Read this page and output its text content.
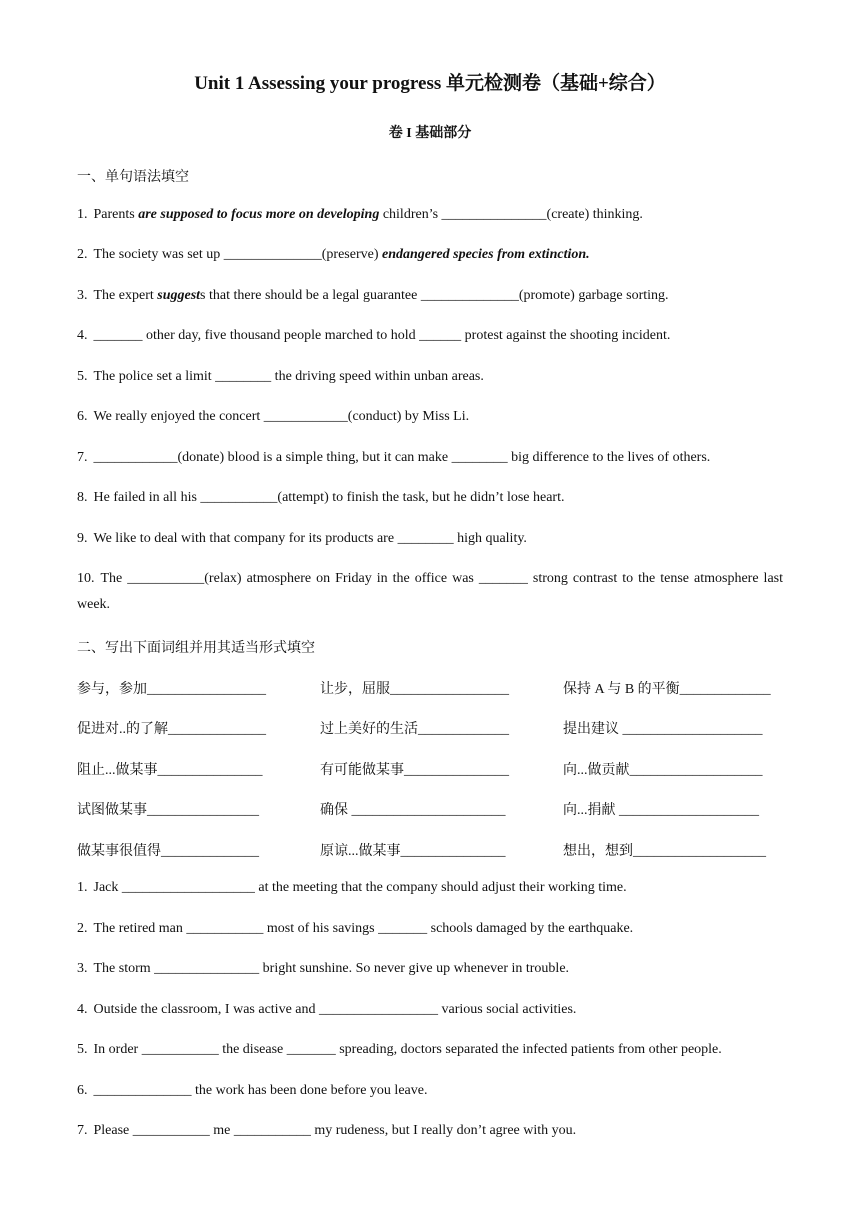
Unit 1 Assessing your progress 单元检测卷（基础+综合）
卷 I 基础部分
一、单句语法填空
1. Parents are supposed to focus more on developing children’s _______________(create) thinking.
2. The society was set up ______________(preserve) endangered species from extinction.
3. The expert suggests that there should be a legal guarantee ______________(promote) garbage sorting.
4. _______ other day, five thousand people marched to hold ______ protest against the shooting incident.
5. The police set a limit ________ the driving speed within unban areas.
6. We really enjoyed the concert ____________(conduct) by Miss Li.
7. ____________(donate) blood is a simple thing, but it can make ________ big difference to the lives of others.
8. He failed in all his ___________(attempt) to finish the task, but he didn’t lose heart.
9. We like to deal with that company for its products are ________ high quality.
10. The ___________(relax) atmosphere on Friday in the office was _______ strong contrast to the tense atmosphere last week.
二、写出下面词组并用其适当形式填空
参与，参加_________________	让步，屈服_________________	保持 A 与 B 的平衡_____________
促进对..的了解______________	过上美好的生活_____________	提出建议 ____________________
阻止...做某事_______________	有可能做某事_______________	向...做贡献___________________
试图做某事________________	确保 ______________________	向...捐献 ____________________
做某事很值得______________	原谅...做某事_______________	想出，想到___________________
1. Jack ___________________ at the meeting that the company should adjust their working time.
2. The retired man ___________ most of his savings _______ schools damaged by the earthquake.
3. The storm _______________ bright sunshine. So never give up whenever in trouble.
4. Outside the classroom, I was active and _________________ various social activities.
5. In order ___________ the disease _______ spreading, doctors separated the infected patients from other people.
6. ______________ the work has been done before you leave.
7. Please ___________ me ___________ my rudeness, but I really don’t agree with you.
